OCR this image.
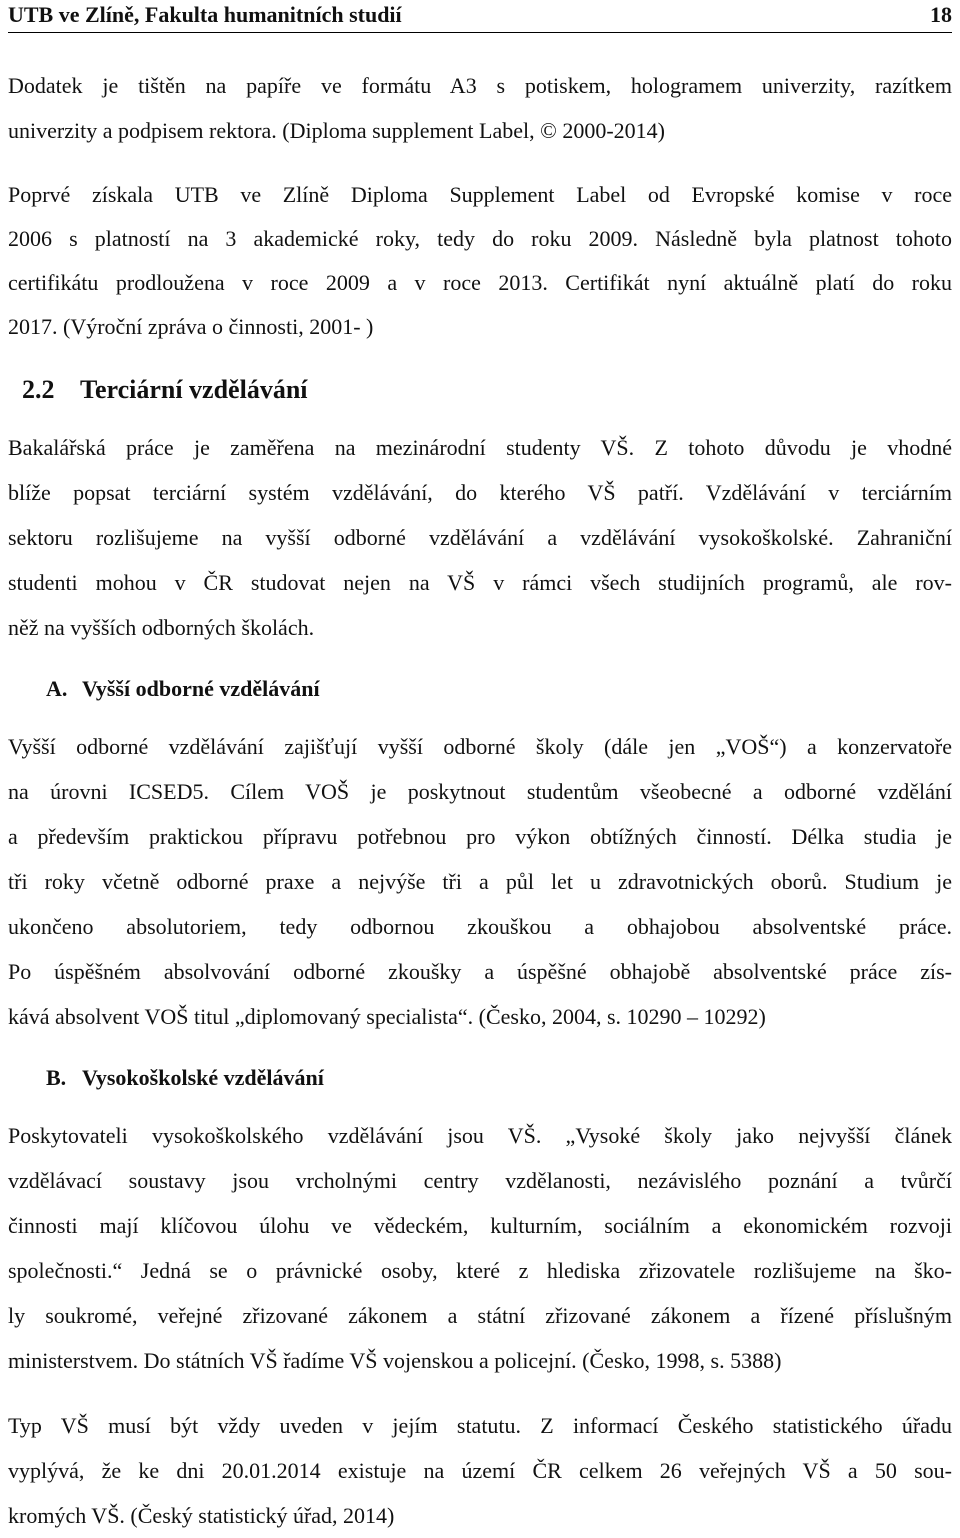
UTB ve Zlíně, Fakulta humanitních studií	18

Dodatek je tištěn na papíře ve formátu A3 s potiskem, hologramem univerzity, razítkem
univerzity a podpisem rektora. (Diploma supplement Label, © 2000-2014)

Poprvé získala UTB ve Zlíně Diploma Supplement Label od Evropské komise v roce
2006 s platností na 3 akademické roky, tedy do roku 2009. Následně byla platnost tohoto
certifikátu prodloužena v roce 2009 a v roce 2013. Certifikát nyní aktuálně platí do roku
2017. (Výroční zpráva o činnosti, 2001- )

2.2 Terciární vzdělávání

Bakalářská práce je zaměřena na mezinárodní studenty VŠ. Z tohoto důvodu je vhodné
blíže popsat terciární systém vzdělávání, do kterého VŠ patří. Vzdělávání v terciárním
sektoru rozlišujeme na vyšší odborné vzdělávání a vzdělávání vysokoškolské. Zahraniční
studenti mohou v ČR studovat nejen na VŠ v rámci všech studijních programů, ale rov-
něž na vyšších odborných školách.

A. Vyšší odborné vzdělávání

Vyšší odborné vzdělávání zajišťují vyšší odborné školy (dále jen „VOŠ“) a konzervatoře
na úrovni ICSED5. Cílem VOŠ je poskytnout studentům všeobecné a odborné vzdělání
a především praktickou přípravu potřebnou pro výkon obtížných činností. Délka studia je
tři roky včetně odborné praxe a nejvýše tři a půl let u zdravotnických oborů. Studium je
ukončeno absolutoriem, tedy odbornou zkouškou a obhajobou absolventské práce.
Po úspěšném absolvování odborné zkoušky a úspěšné obhajobě absolventské práce zís-
kává absolvent VOŠ titul „diplomovaný specialista“. (Česko, 2004, s. 10290 – 10292)

B. Vysokoškolské vzdělávání

Poskytovateli vysokoškolského vzdělávání jsou VŠ. „Vysoké školy jako nejvyšší článek
vzdělávací soustavy jsou vrcholnými centry vzdělanosti, nezávislého poznání a tvůrčí
činnosti mají klíčovou úlohu ve vědeckém, kulturním, sociálním a ekonomickém rozvoji
společnosti.“ Jedná se o právnické osoby, které z hlediska zřizovatele rozlišujeme na ško-
ly soukromé, veřejné zřizované zákonem a státní zřizované zákonem a řízené příslušným
ministerstvem. Do státních VŠ řadíme VŠ vojenskou a policejní. (Česko, 1998, s. 5388)

Typ VŠ musí být vždy uveden v jejím statutu. Z informací Českého statistického úřadu
vyplývá, že ke dni 20.01.2014 existuje na území ČR celkem 26 veřejných VŠ a 50 sou-
kromých VŠ. (Český statistický úřad, 2014)
